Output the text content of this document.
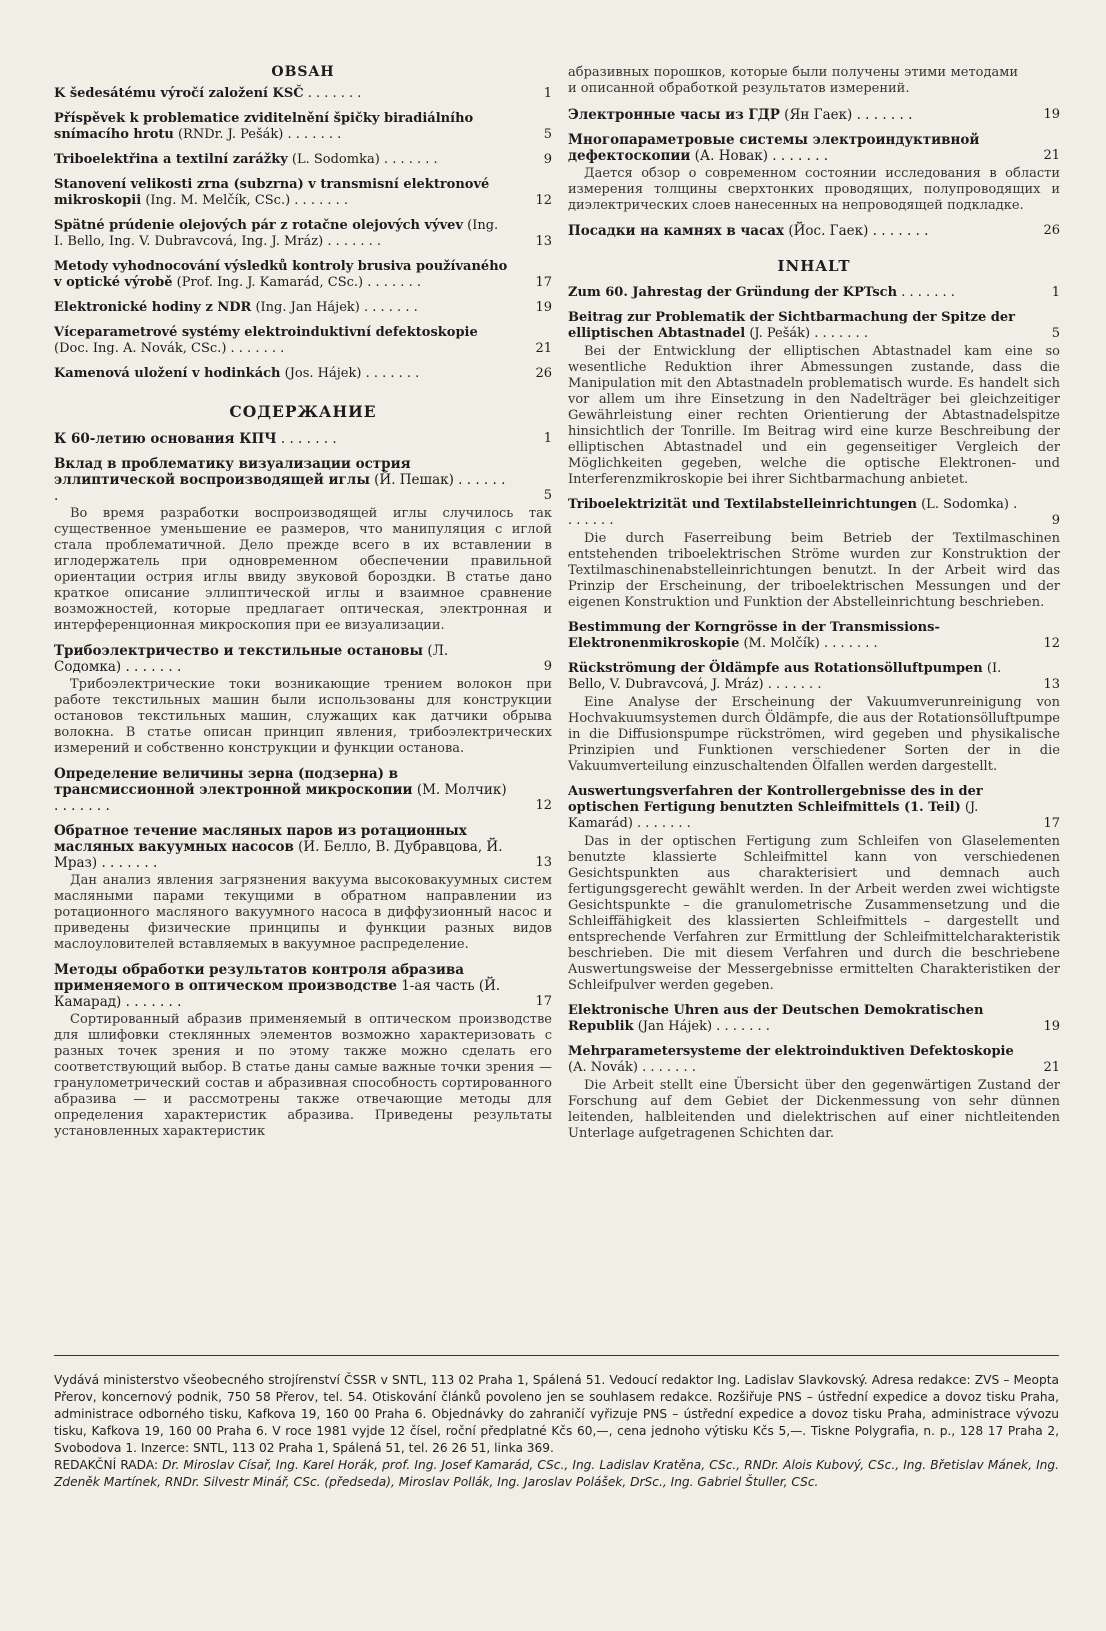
OBSAH
K šedesátému výročí založení KSČ . . . . . . .	1
Příspěvek k problematice zviditelnění špičky biradiálního snímacího hrotu (RNDr. J. Pešák) . . . . . . .	5
Triboelektřina a textilní zarážky (L. Sodomka) . . . . . . .	9
Stanovení velikosti zrna (subzrna) v transmisní elektronové mikroskopii (Ing. M. Melčík, CSc.) . . . . . . .	12
Spätné prúdenie olejových pár z rotačne olejových vývev (Ing. I. Bello, Ing. V. Dubravcová, Ing. J. Mráz) . . . . . . .	13
Metody vyhodnocování výsledků kontroly brusiva používaného v optické výrobě (Prof. Ing. J. Kamarád, CSc.) . . . . . . .	17
Elektronické hodiny z NDR (Ing. Jan Hájek) . . . . . . .	19
Víceparametrové systémy elektroinduktivní defektoskopie (Doc. Ing. A. Novák, CSc.) . . . . . . .	21
Kamenová uložení v hodinkách (Jos. Hájek) . . . . . . .	26
СОДЕРЖАНИЕ
К 60-летию основания КПЧ . . . . . . .	1
Вклад в проблематику визуализации острия эллиптической воспроизводящей иглы (Й. Пешак) . . . . . . .	5
Во время разработки воспроизводящей иглы случилось так существенное уменьшение ее размеров, что манипуляция с иглой стала проблематичной. Дело прежде всего в их вставлении в иглодержатель при одновременном обеспечении правильной ориентации острия иглы ввиду звуковой бороздки. В статье дано краткое описание эллиптической иглы и взаимное сравнение возможностей, которые предлагает оптическая, электронная и интерференционная микроскопия при ее визуализации.
Трибоэлектричество и текстильные остановы (Л. Содомка) . . . . . . .	9
Трибоэлектрические токи возникающие трением волокон при работе текстильных машин были использованы для конструкции остановов текстильных машин, служащих как датчики обрыва волокна. В статье описан принцип явления, трибоэлектрических измерений и собственно конструкции и функции останова.
Определение величины зерна (подзерна) в трансмиссионной электронной микроскопии (М. Молчик) . . . . . . .	12
Обратное течение масляных паров из ротационных масляных вакуумных насосов (И. Белло, В. Дубравцова, Й. Мраз) . . . . . . .	13
Дан анализ явления загрязнения вакуума высоковакуумных систем масляными парами текущими в обратном направлении из ротационного масляного вакуумного насоса в диффузионный насос и приведены физические принципы и функции разных видов маслоуловителей вставляемых в вакуумное распределение.
Методы обработки результатов контроля абразива применяемого в оптическом производстве 1-ая часть (Й. Камарад) . . . . . . .	17
Сортированный абразив применяемый в оптическом производстве для шлифовки стеклянных элементов возможно характеризовать с разных точек зрения и по этому также можно сделать его соответствующий выбор. В статье даны самые важные точки зрения — гранулометрический состав и абразивная способность сортированного абразива — и рассмотрены также отвечающие методы для определения характеристик абразива. Приведены результаты установленных характеристик
абразивных порошков, которые были получены этими методами и описанной обработкой результатов измерений.
Электронные часы из ГДР (Ян Гаек) . . . . . . .	19
Многопараметровые системы электроиндуктивной дефектоскопии (А. Новак) . . . . . . .	21
Дается обзор о современном состоянии исследования в области измерения толщины сверхтонких проводящих, полупроводящих и диэлектрических слоев нанесенных на непроводящей подкладке.
Посадки на камнях в часах (Йос. Гаек) . . . . . . .	26
INHALT
Zum 60. Jahrestag der Gründung der KPTsch . . . . . . .	1
Beitrag zur Problematik der Sichtbarmachung der Spitze der elliptischen Abtastnadel (J. Pešák) . . . . . . .	5
Bei der Entwicklung der elliptischen Abtastnadel kam eine so wesentliche Reduktion ihrer Abmessungen zustande, dass die Manipulation mit den Abtastnadeln problematisch wurde. Es handelt sich vor allem um ihre Einsetzung in den Nadelträger bei gleichzeitiger Gewährleistung einer rechten Orientierung der Abtastnadelspitze hinsichtlich der Tonrille. Im Beitrag wird eine kurze Beschreibung der elliptischen Abtastnadel und ein gegenseitiger Vergleich der Möglichkeiten gegeben, welche die optische Elektronen- und Interferenzmikroskopie bei ihrer Sichtbarmachung anbietet.
Triboelektrizität und Textilabstelleinrichtungen (L. Sodomka) . . . . . . .	9
Die durch Faserreibung beim Betrieb der Textilmaschinen entstehenden triboelektrischen Ströme wurden zur Konstruktion der Textilmaschinenabstelleinrichtungen benutzt. In der Arbeit wird das Prinzip der Erscheinung, der triboelektrischen Messungen und der eigenen Konstruktion und Funktion der Abstelleinrichtung beschrieben.
Bestimmung der Korngrösse in der Transmissions-Elektronenmikroskopie (M. Molčík) . . . . . . .	12
Rückströmung der Öldämpfe aus Rotationsölluftpumpen (I. Bello, V. Dubravcová, J. Mráz) . . . . . . .	13
Eine Analyse der Erscheinung der Vakuumverunreinigung von Hochvakuumsystemen durch Öldämpfe, die aus der Rotationsölluftpumpe in die Diffusionspumpe rückströmen, wird gegeben und physikalische Prinzipien und Funktionen verschiedener Sorten der in die Vakuumverteilung einzuschaltenden Ölfallen werden dargestellt.
Auswertungsverfahren der Kontrollergebnisse des in der optischen Fertigung benutzten Schleifmittels (1. Teil) (J. Kamarád) . . . . . . .	17
Das in der optischen Fertigung zum Schleifen von Glaselementen benutzte klassierte Schleifmittel kann von verschiedenen Gesichtspunkten aus charakterisiert und demnach auch fertigungsgerecht gewählt werden. In der Arbeit werden zwei wichtigste Gesichtspunkte – die granulometrische Zusammensetzung und die Schleiffähigkeit des klassierten Schleifmittels – dargestellt und entsprechende Verfahren zur Ermittlung der Schleifmittelcharakteristik beschrieben. Die mit diesem Verfahren und durch die beschriebene Auswertungsweise der Messergebnisse ermittelten Charakteristiken der Schleifpulver werden gegeben.
Elektronische Uhren aus der Deutschen Demokratischen Republik (Jan Hájek) . . . . . . .	19
Mehrparametersysteme der elektroinduktiven Defektoskopie (A. Novák) . . . . . . .	21
Die Arbeit stellt eine Übersicht über den gegenwärtigen Zustand der Forschung auf dem Gebiet der Dickenmessung von sehr dünnen leitenden, halbleitenden und dielektrischen auf einer nichtleitenden Unterlage aufgetragenen Schichten dar.
Vydává ministerstvo všeobecného strojírenství ČSSR v SNTL, 113 02 Praha 1, Spálená 51. Vedoucí redaktor Ing. Ladislav Slavkovský. Adresa redakce: ZVS – Meopta Přerov, koncernový podnik, 750 58 Přerov, tel. 54. Otiskování článků povoleno jen se souhlasem redakce. Rozšiřuje PNS – ústřední expedice a dovoz tisku Praha, administrace odborného tisku, Kafkova 19, 160 00 Praha 6. Objednávky do zahraničí vyřizuje PNS – ústřední expedice a dovoz tisku Praha, administrace vývozu tisku, Kafkova 19, 160 00 Praha 6. V roce 1981 vyjde 12 čísel, roční předplatné Kčs 60,—, cena jednoho výtisku Kčs 5,—. Tiskne Polygrafia, n. p., 128 17 Praha 2, Svobodova 1. Inzerce: SNTL, 113 02 Praha 1, Spálená 51, tel. 26 26 51, linka 369.
REDAKČNÍ RADA: Dr. Miroslav Císař, Ing. Karel Horák, prof. Ing. Josef Kamarád, CSc., Ing. Ladislav Kratěna, CSc., RNDr. Alois Kubový, CSc., Ing. Břetislav Mánek, Ing. Zdeněk Martínek, RNDr. Silvestr Minář, CSc. (předseda), Miroslav Pollák, Ing. Jaroslav Polášek, DrSc., Ing. Gabriel Štuller, CSc.
